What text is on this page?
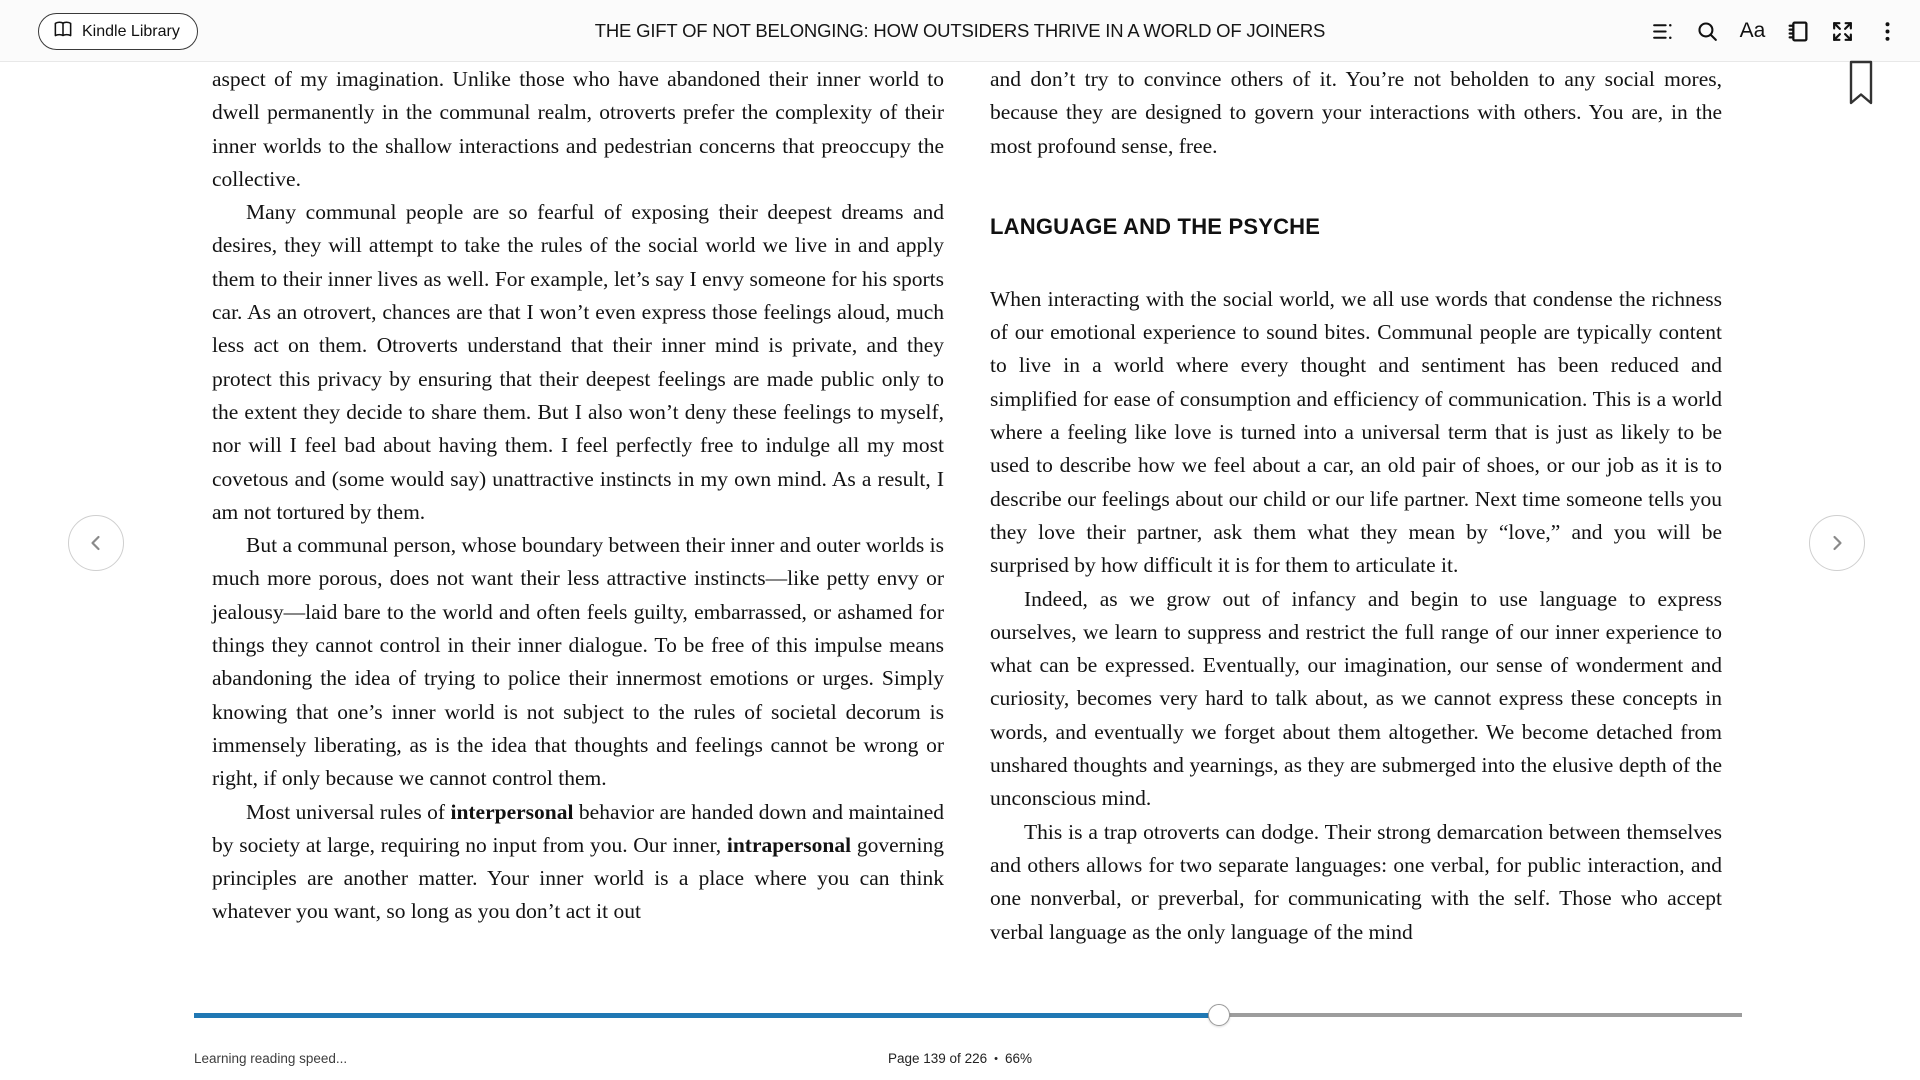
Kindle Library	THE GIFT OF NOT BELONGING: HOW OUTSIDERS THRIVE IN A WORLD OF JOINERS	Aa

aspect of my imagination. Unlike those who have abandoned their inner world to dwell permanently in the communal realm, otroverts prefer the complexity of their inner worlds to the shallow interactions and pedestrian concerns that preoccupy the collective.

Many communal people are so fearful of exposing their deepest dreams and desires, they will attempt to take the rules of the social world we live in and apply them to their inner lives as well. For example, let’s say I envy someone for his sports car. As an otrovert, chances are that I won’t even express those feelings aloud, much less act on them. Otroverts understand that their inner mind is private, and they protect this privacy by ensuring that their deepest feelings are made public only to the extent they decide to share them. But I also won’t deny these feelings to myself, nor will I feel bad about having them. I feel perfectly free to indulge all my most covetous and (some would say) unattractive instincts in my own mind. As a result, I am not tortured by them.

But a communal person, whose boundary between their inner and outer worlds is much more porous, does not want their less attractive instincts—like petty envy or jealousy—laid bare to the world and often feels guilty, embarrassed, or ashamed for things they cannot control in their inner dialogue. To be free of this impulse means abandoning the idea of trying to police their innermost emotions or urges. Simply knowing that one’s inner world is not subject to the rules of societal decorum is immensely liberating, as is the idea that thoughts and feelings cannot be wrong or right, if only because we cannot control them.

Most universal rules of interpersonal behavior are handed down and maintained by society at large, requiring no input from you. Our inner, intrapersonal governing principles are another matter. Your inner world is a place where you can think whatever you want, so long as you don’t act it out

and don’t try to convince others of it. You’re not beholden to any social mores, because they are designed to govern your interactions with others. You are, in the most profound sense, free.

LANGUAGE AND THE PSYCHE

When interacting with the social world, we all use words that condense the richness of our emotional experience to sound bites. Communal people are typically content to live in a world where every thought and sentiment has been reduced and simplified for ease of consumption and efficiency of communication. This is a world where a feeling like love is turned into a universal term that is just as likely to be used to describe how we feel about a car, an old pair of shoes, or our job as it is to describe our feelings about our child or our life partner. Next time someone tells you they love their partner, ask them what they mean by “love,” and you will be surprised by how difficult it is for them to articulate it.

Indeed, as we grow out of infancy and begin to use language to express ourselves, we learn to suppress and restrict the full range of our inner experience to what can be expressed. Eventually, our imagination, our sense of wonderment and curiosity, becomes very hard to talk about, as we cannot express these concepts in words, and eventually we forget about them altogether. We become detached from unshared thoughts and yearnings, as they are submerged into the elusive depth of the unconscious mind.

This is a trap otroverts can dodge. Their strong demarcation between themselves and others allows for two separate languages: one verbal, for public interaction, and one nonverbal, or preverbal, for communicating with the self. Those who accept verbal language as the only language of the mind

Learning reading speed...	Page 139 of 226 • 66%
